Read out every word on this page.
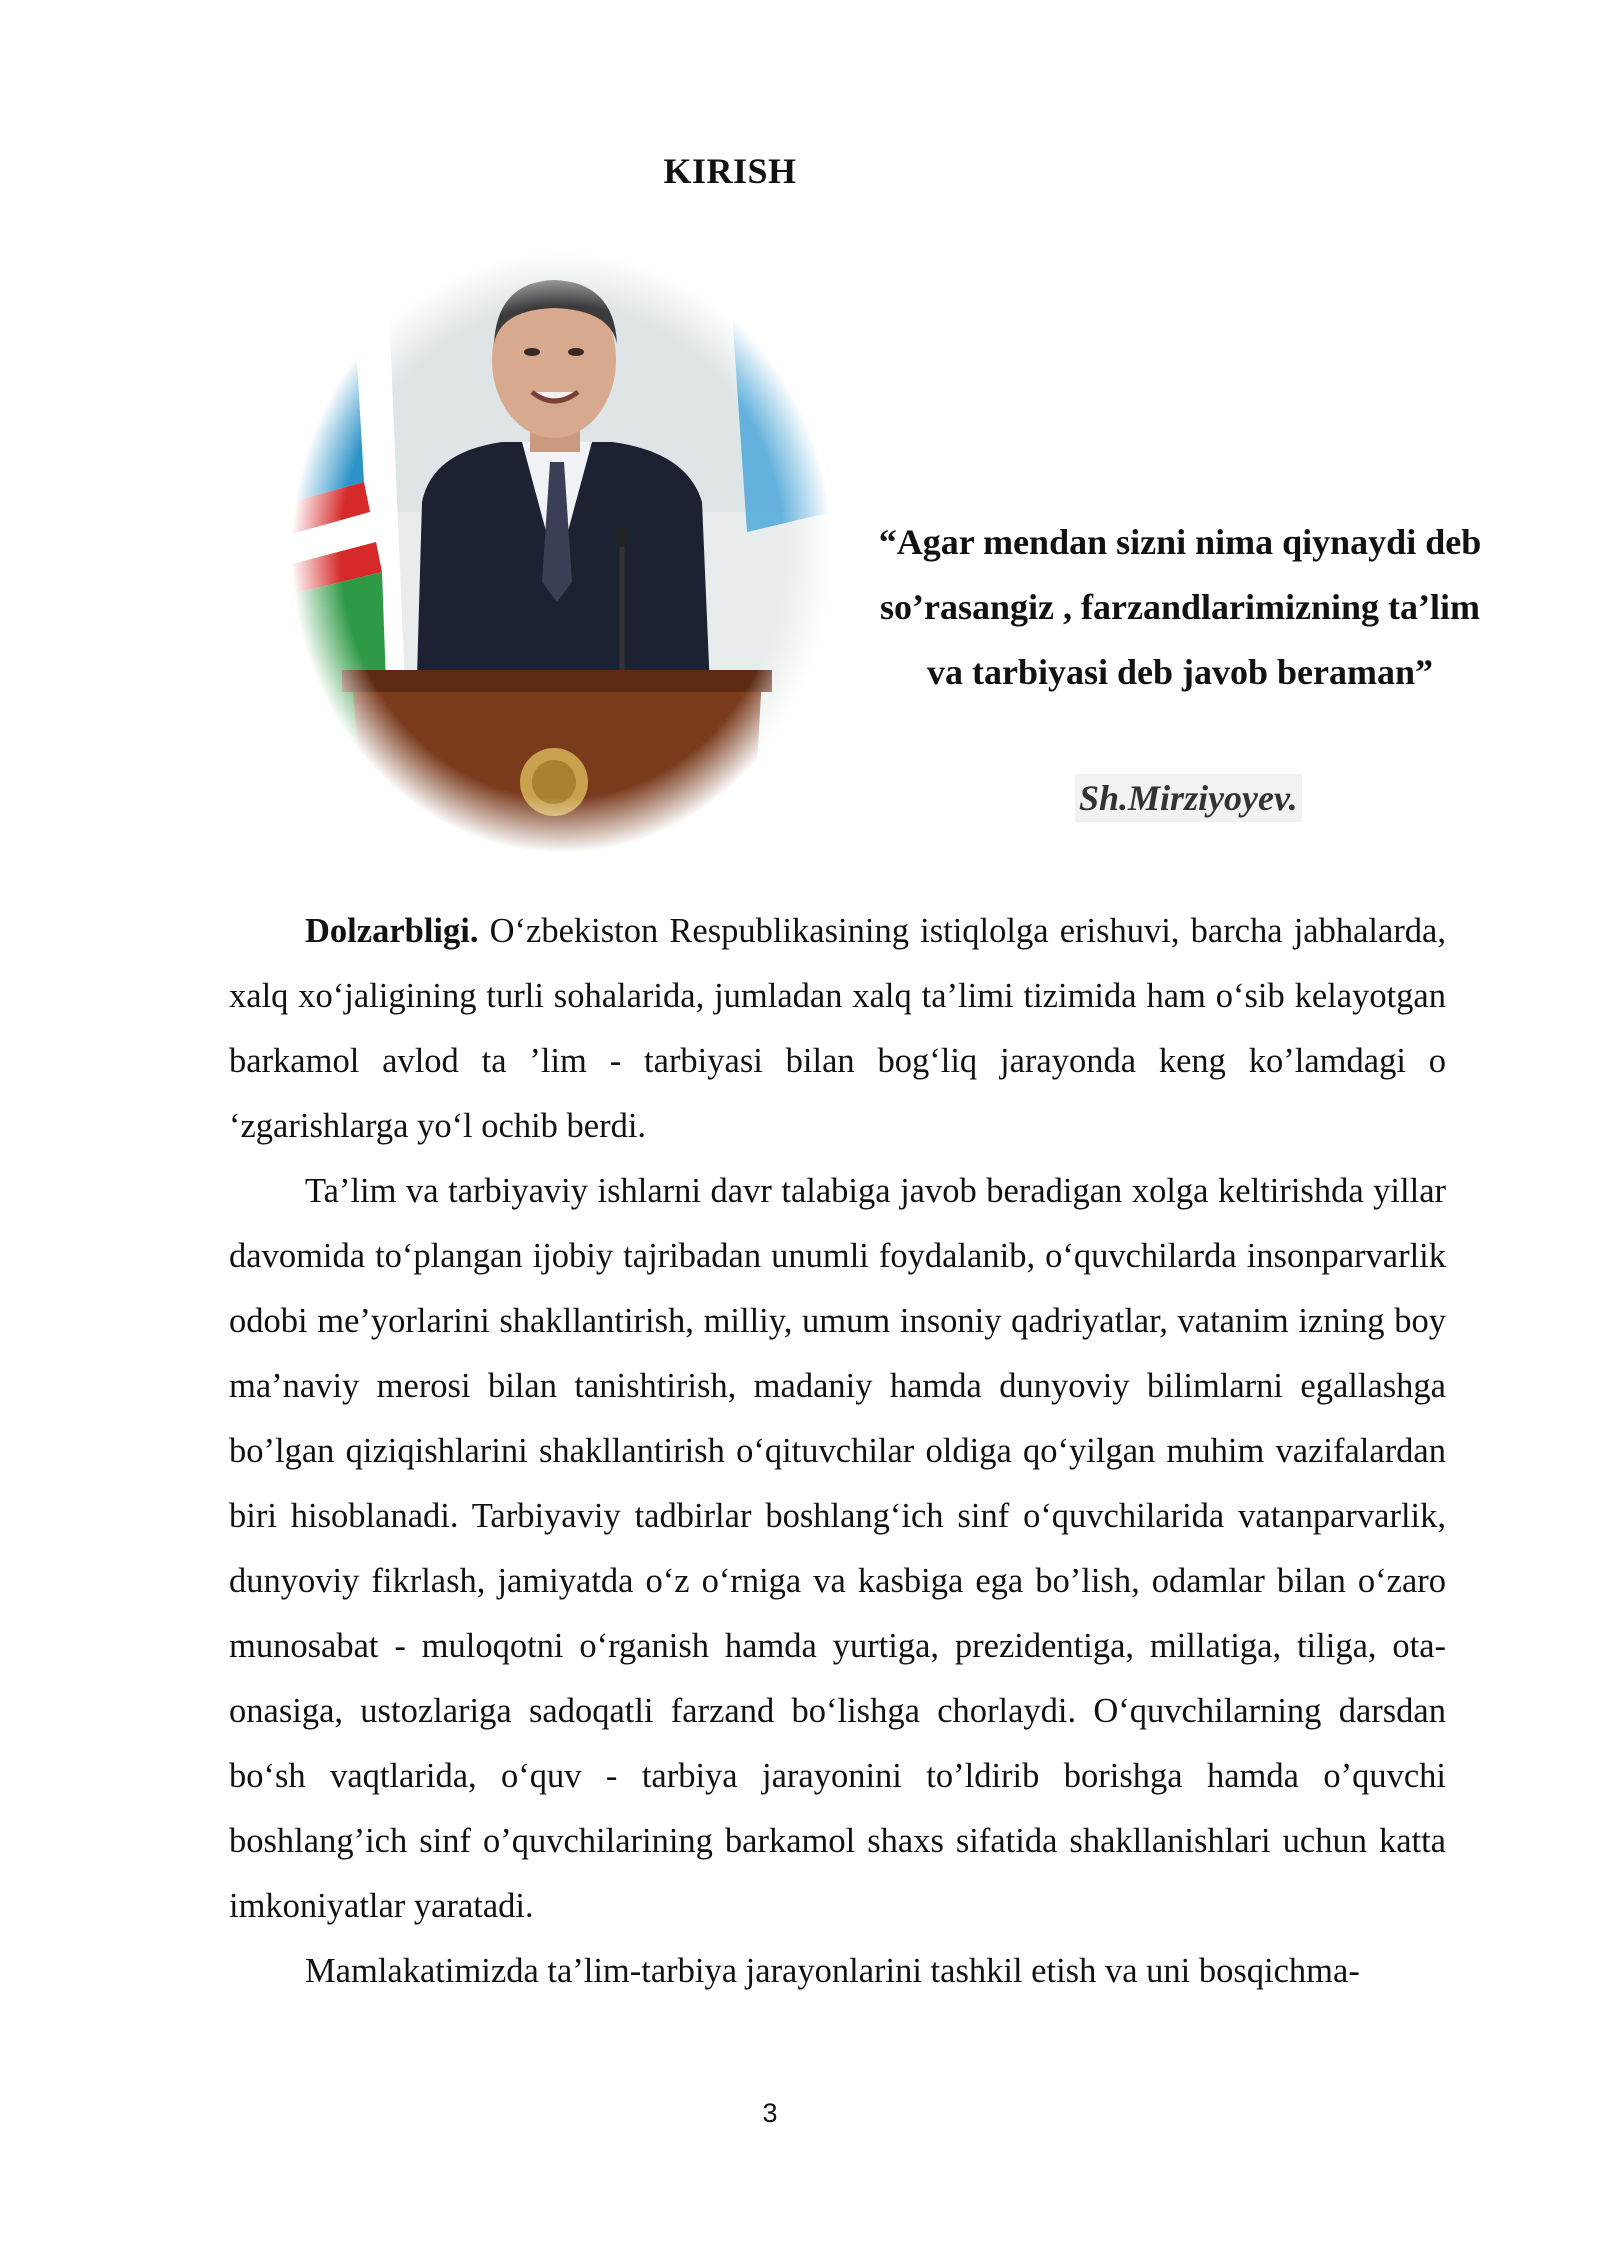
KIRISH
“Agar mendan sizni nima qiynaydi deb
so’rasangiz , farzandlarimizning ta’lim
va tarbiyasi deb javob beraman”
Sh.Mirziyoyev.

Dolzarbligi. O‘zbekiston Respublikasining istiqlolga erishuvi, barcha jabhalarda, xalq xo‘jaligining turli sohalarida, jumladan xalq ta’limi tizimida ham o‘sib kelayotgan barkamol avlod ta ’lim - tarbiyasi bilan bog‘liq jarayonda keng ko’lamdagi o ‘zgarishlarga yo‘l ochib berdi.

Ta’lim va tarbiyaviy ishlarni davr talabiga javob beradigan xolga keltirishda yillar davomida to‘plangan ijobiy tajribadan unumli foydalanib, o‘quvchilarda insonparvarlik odobi me’yorlarini shakllantirish, milliy, umum insoniy qadriyatlar, vatanim izning boy ma’naviy merosi bilan tanishtirish, madaniy hamda dunyoviy bilimlarni egallashga bo’lgan qiziqishlarini shakllantirish o‘qituvchilar oldiga qo‘yilgan muhim vazifalardan biri hisoblanadi. Tarbiyaviy tadbirlar boshlang‘ich sinf o‘quvchilarida vatanparvarlik, dunyoviy fikrlash, jamiyatda o‘z o‘rniga va kasbiga ega bo’lish, odamlar bilan o‘zaro munosabat - muloqotni o‘rganish hamda yurtiga, prezidentiga, millatiga, tiliga, ota-onasiga, ustozlariga sadoqatli farzand bo‘lishga chorlaydi. O‘quvchilarning darsdan bo‘sh vaqtlarida, o‘quv - tarbiya jarayonini to’ldirib borishga hamda o’quvchi boshlang’ich sinf o’quvchilarining barkamol shaxs sifatida shakllanishlari uchun katta imkoniyatlar yaratadi.

Mamlakatimizda ta’lim-tarbiya jarayonlarini tashkil etish va uni bosqichma-

3
